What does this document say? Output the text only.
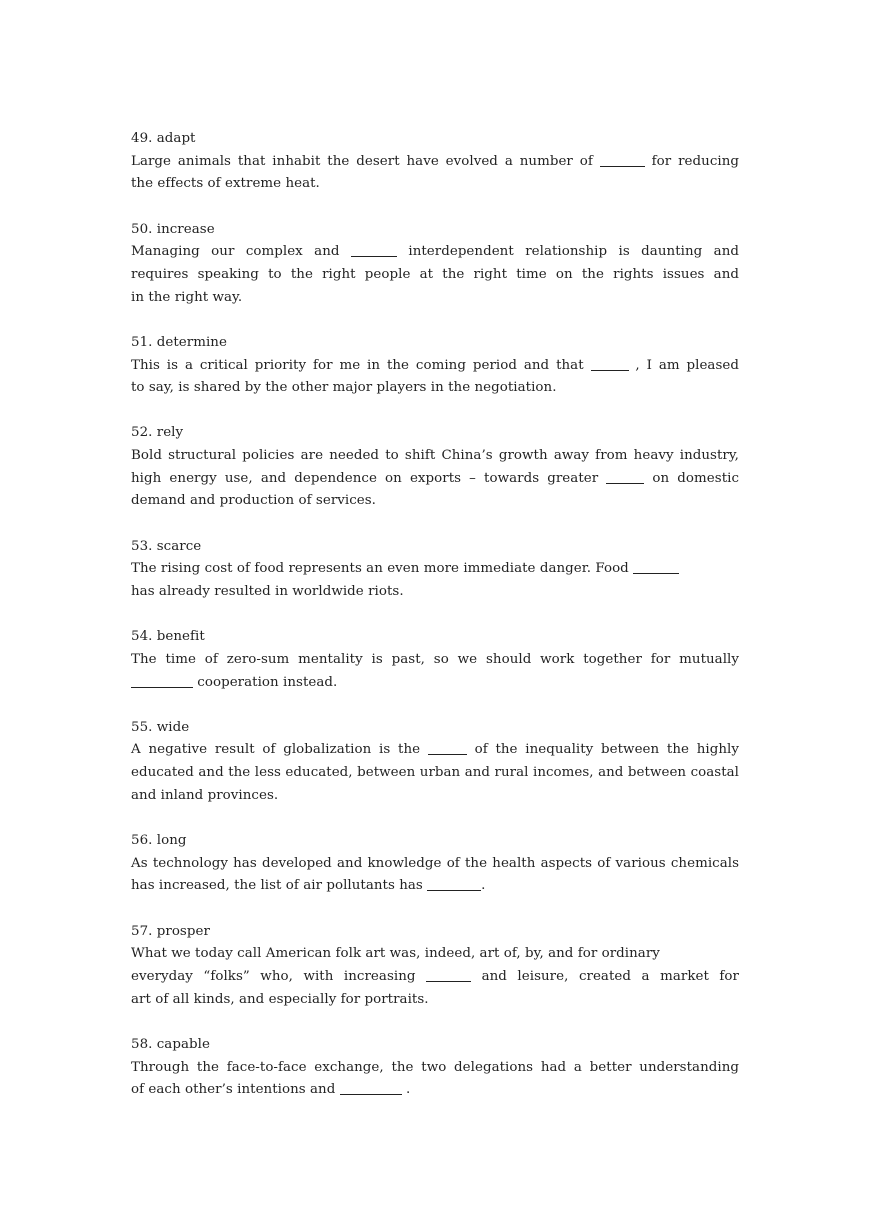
49. adapt
Large animals that inhabit the desert have evolved a number of	for reducing
the effects of extreme heat.
50. increase
Managing our complex and	interdependent relationship is daunting and
requires speaking to the right people at the right time on the rights issues and
in the right way.
51. determine
This is a critical priority for me in the coming period and that	, I am pleased
to say, is shared by the other major players in the negotiation.
52. rely
Bold structural policies are needed to shift China’s growth away from heavy industry,
high energy use, and dependence on exports – towards greater	on domestic
demand and production of services.
53. scarce
The rising cost of food represents an even more immediate danger. Food
has already resulted in worldwide riots.
54. benefit
The time of zero-sum mentality is past, so we should work together for mutually
cooperation instead.
55. wide
A negative result of globalization is the	of the inequality between the highly
educated and the less educated, between urban and rural incomes, and between coastal
and inland provinces.
56. long
As technology has developed and knowledge of the health aspects of various chemicals
has increased, the list of air pollutants has	.
57. prosper
What we today call American folk art was, indeed, art of, by, and for ordinary
everyday “folks” who, with increasing	and leisure, created a market for
art of all kinds, and especially for portraits.
58. capable
Through the face-to-face exchange, the two delegations had a better understanding
of each other’s intentions and	.
